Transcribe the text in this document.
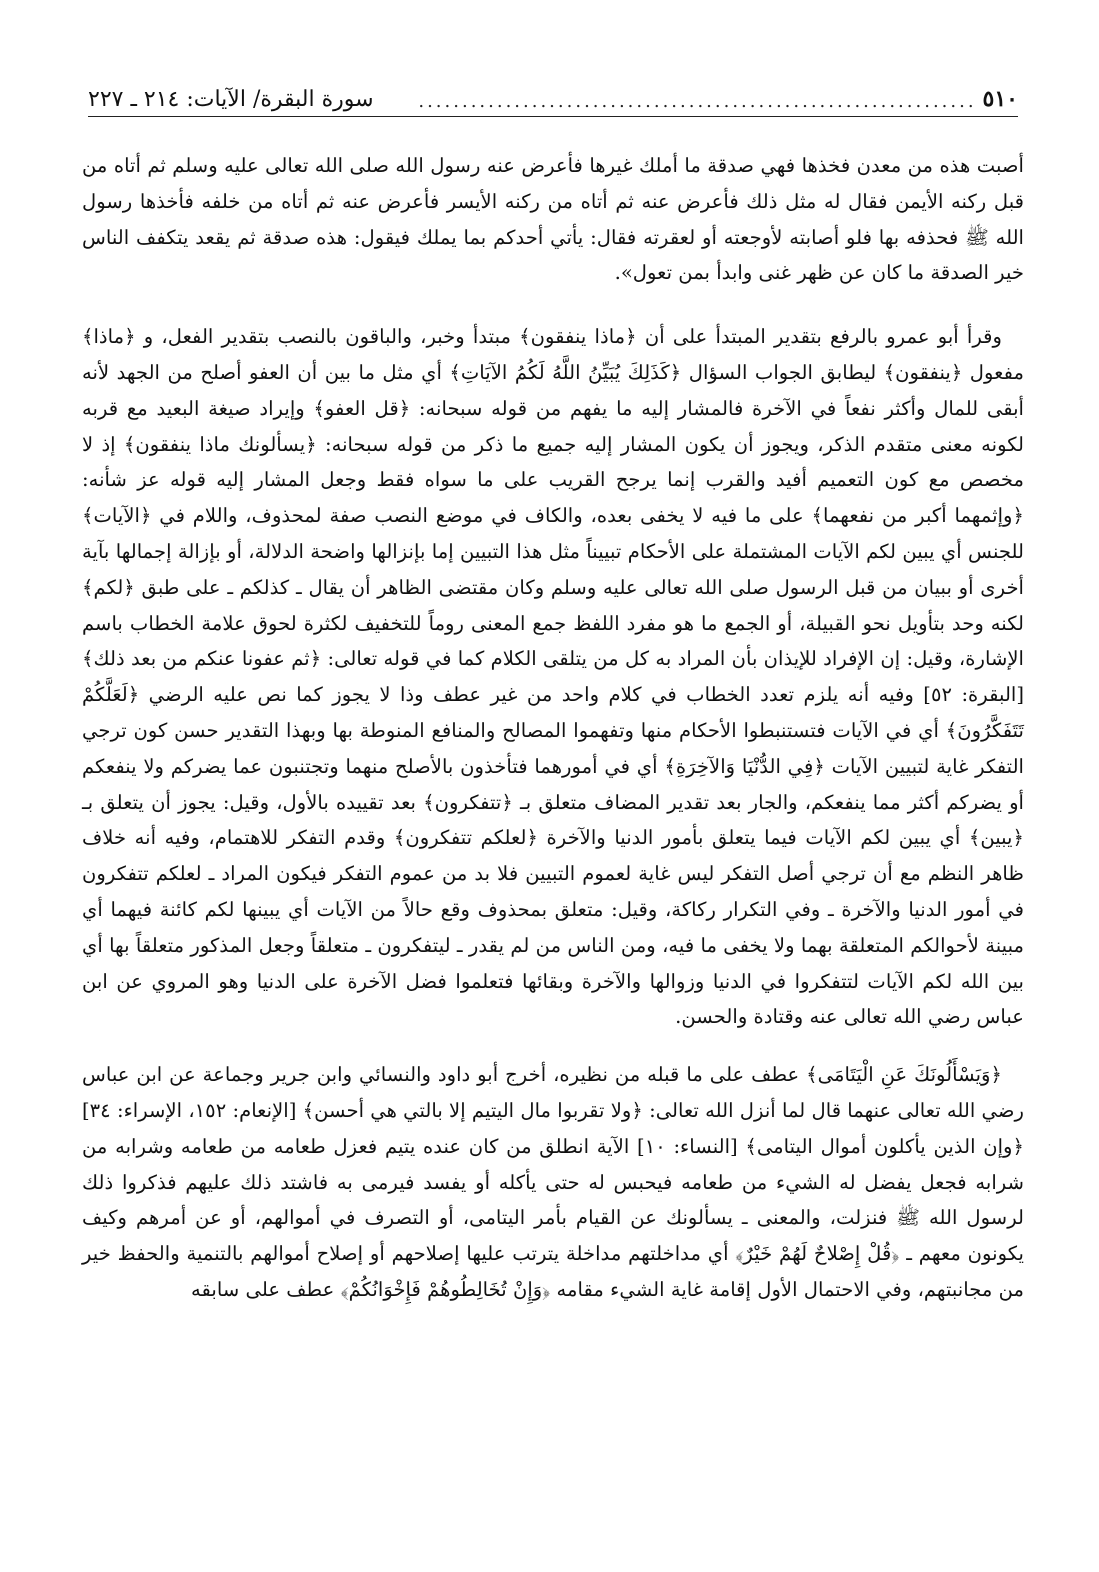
٥١٠
................................................................
سورة البقرة/ الآيات: ٢١٤ ـ ٢٢٧

أصبت هذه من معدن فخذها فهي صدقة ما أملك غيرها فأعرض عنه رسول الله صلى الله تعالى عليه وسلم ثم أتاه من قبل ركنه الأيمن فقال له مثل ذلك فأعرض عنه ثم أتاه من ركنه الأيسر فأعرض عنه ثم أتاه من خلفه فأخذها رسول الله ﷺ فحذفه بها فلو أصابته لأوجعته أو لعقرته فقال: يأتي أحدكم بما يملك فيقول: هذه صدقة ثم يقعد يتكفف الناس خير الصدقة ما كان عن ظهر غنى وابدأ بمن تعول».

وقرأ أبو عمرو بالرفع بتقدير المبتدأ على أن ﴿ماذا ينفقون﴾ مبتدأ وخبر، والباقون بالنصب بتقدير الفعل، و ﴿ماذا﴾ مفعول ﴿ينفقون﴾ ليطابق الجواب السؤال ﴿كَذَلِكَ يُبَيِّنُ اللَّهُ لَكُمُ الآيَاتِ﴾ أي مثل ما بين أن العفو أصلح من الجهد لأنه أبقى للمال وأكثر نفعاً في الآخرة فالمشار إليه ما يفهم من قوله سبحانه: ﴿قل العفو﴾ وإيراد صيغة البعيد مع قربه لكونه معنى متقدم الذكر، ويجوز أن يكون المشار إليه جميع ما ذكر من قوله سبحانه: ﴿يسألونك ماذا ينفقون﴾ إذ لا مخصص مع كون التعميم أفيد والقرب إنما يرجح القريب على ما سواه فقط وجعل المشار إليه قوله عز شأنه: ﴿وإثمهما أكبر من نفعهما﴾ على ما فيه لا يخفى بعده، والكاف في موضع النصب صفة لمحذوف، واللام في ﴿الآيات﴾ للجنس أي يبين لكم الآيات المشتملة على الأحكام تبييناً مثل هذا التبيين إما بإنزالها واضحة الدلالة، أو بإزالة إجمالها بآية أخرى أو ببيان من قبل الرسول صلى الله تعالى عليه وسلم وكان مقتضى الظاهر أن يقال ـ كذلكم ـ على طبق ﴿لكم﴾ لكنه وحد بتأويل نحو القبيلة، أو الجمع ما هو مفرد اللفظ جمع المعنى روماً للتخفيف لكثرة لحوق علامة الخطاب باسم الإشارة، وقيل: إن الإفراد للإيذان بأن المراد به كل من يتلقى الكلام كما في قوله تعالى: ﴿ثم عفونا عنكم من بعد ذلك﴾ [البقرة: ٥٢] وفيه أنه يلزم تعدد الخطاب في كلام واحد من غير عطف وذا لا يجوز كما نص عليه الرضي ﴿لَعَلَّكُمْ تَتَفَكَّرُونَ﴾ أي في الآيات فتستنبطوا الأحكام منها وتفهموا المصالح والمنافع المنوطة بها وبهذا التقدير حسن كون ترجي التفكر غاية لتبيين الآيات ﴿فِي الدُّنْيَا وَالآخِرَةِ﴾ أي في أمورهما فتأخذون بالأصلح منهما وتجتنبون عما يضركم ولا ينفعكم أو يضركم أكثر مما ينفعكم، والجار بعد تقدير المضاف متعلق بـ ﴿تتفكرون﴾ بعد تقييده بالأول، وقيل: يجوز أن يتعلق بـ ﴿يبين﴾ أي يبين لكم الآيات فيما يتعلق بأمور الدنيا والآخرة ﴿لعلكم تتفكرون﴾ وقدم التفكر للاهتمام، وفيه أنه خلاف ظاهر النظم مع أن ترجي أصل التفكر ليس غاية لعموم التبيين فلا بد من عموم التفكر فيكون المراد ـ لعلكم تتفكرون في أمور الدنيا والآخرة ـ وفي التكرار ركاكة، وقيل: متعلق بمحذوف وقع حالاً من الآيات أي يبينها لكم كائنة فيهما أي مبينة لأحوالكم المتعلقة بهما ولا يخفى ما فيه، ومن الناس من لم يقدر ـ ليتفكرون ـ متعلقاً وجعل المذكور متعلقاً بها أي بين الله لكم الآيات لتتفكروا في الدنيا وزوالها والآخرة وبقائها فتعلموا فضل الآخرة على الدنيا وهو المروي عن ابن عباس رضي الله تعالى عنه وقتادة والحسن.

﴿وَيَسْأَلُونَكَ عَنِ الْيَتَامَى﴾ عطف على ما قبله من نظيره، أخرج أبو داود والنسائي وابن جرير وجماعة عن ابن عباس رضي الله تعالى عنهما قال لما أنزل الله تعالى: ﴿ولا تقربوا مال اليتيم إلا بالتي هي أحسن﴾ [الإنعام: ١٥٢، الإسراء: ٣٤] ﴿وإن الذين يأكلون أموال اليتامى﴾ [النساء: ١٠] الآية انطلق من كان عنده يتيم فعزل طعامه من طعامه وشرابه من شرابه فجعل يفضل له الشيء من طعامه فيحبس له حتى يأكله أو يفسد فيرمى به فاشتد ذلك عليهم فذكروا ذلك لرسول الله ﷺ فنزلت، والمعنى ـ يسألونك عن القيام بأمر اليتامى، أو التصرف في أموالهم، أو عن أمرهم وكيف يكونون معهم ـ ﴿قُلْ إِصْلاحٌ لَهُمْ خَيْرٌ﴾ أي مداخلتهم مداخلة يترتب عليها إصلاحهم أو إصلاح أموالهم بالتنمية والحفظ خير من مجانبتهم، وفي الاحتمال الأول إقامة غاية الشيء مقامه ﴿وَإِنْ تُخَالِطُوهُمْ فَإِخْوَانُكُمْ﴾ عطف على سابقه
